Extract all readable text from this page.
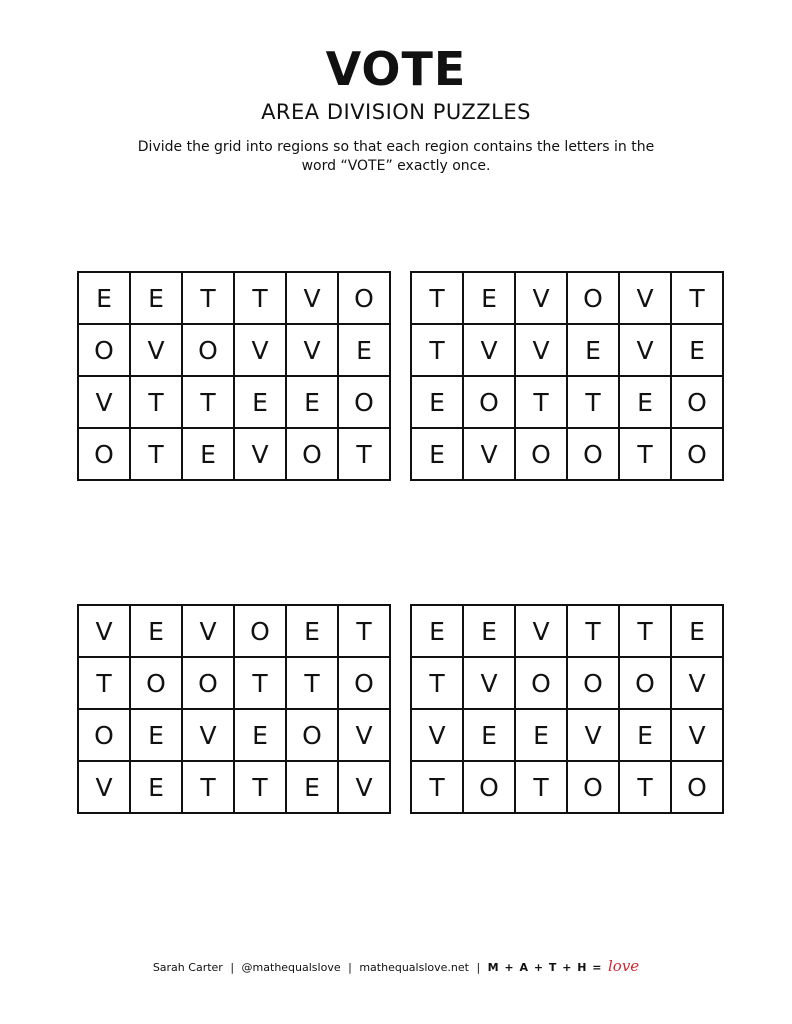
VOTE
AREA DIVISION PUZZLES
Divide the grid into regions so that each region contains the letters in the
word “VOTE” exactly once.
E	E	T	T	V	O
O	V	O	V	V	E
V	T	T	E	E	O
O	T	E	V	O	T
T	E	V	O	V	T
T	V	V	E	V	E
E	O	T	T	E	O
E	V	O	O	T	O
V	E	V	O	E	T
T	O	O	T	T	O
O	E	V	E	O	V
V	E	T	T	E	V
E	E	V	T	T	E
T	V	O	O	O	V
V	E	E	V	E	V
T	O	T	O	T	O
Sarah Carter | @mathequalslove | mathequalslove.net | M + A + T + H = love
